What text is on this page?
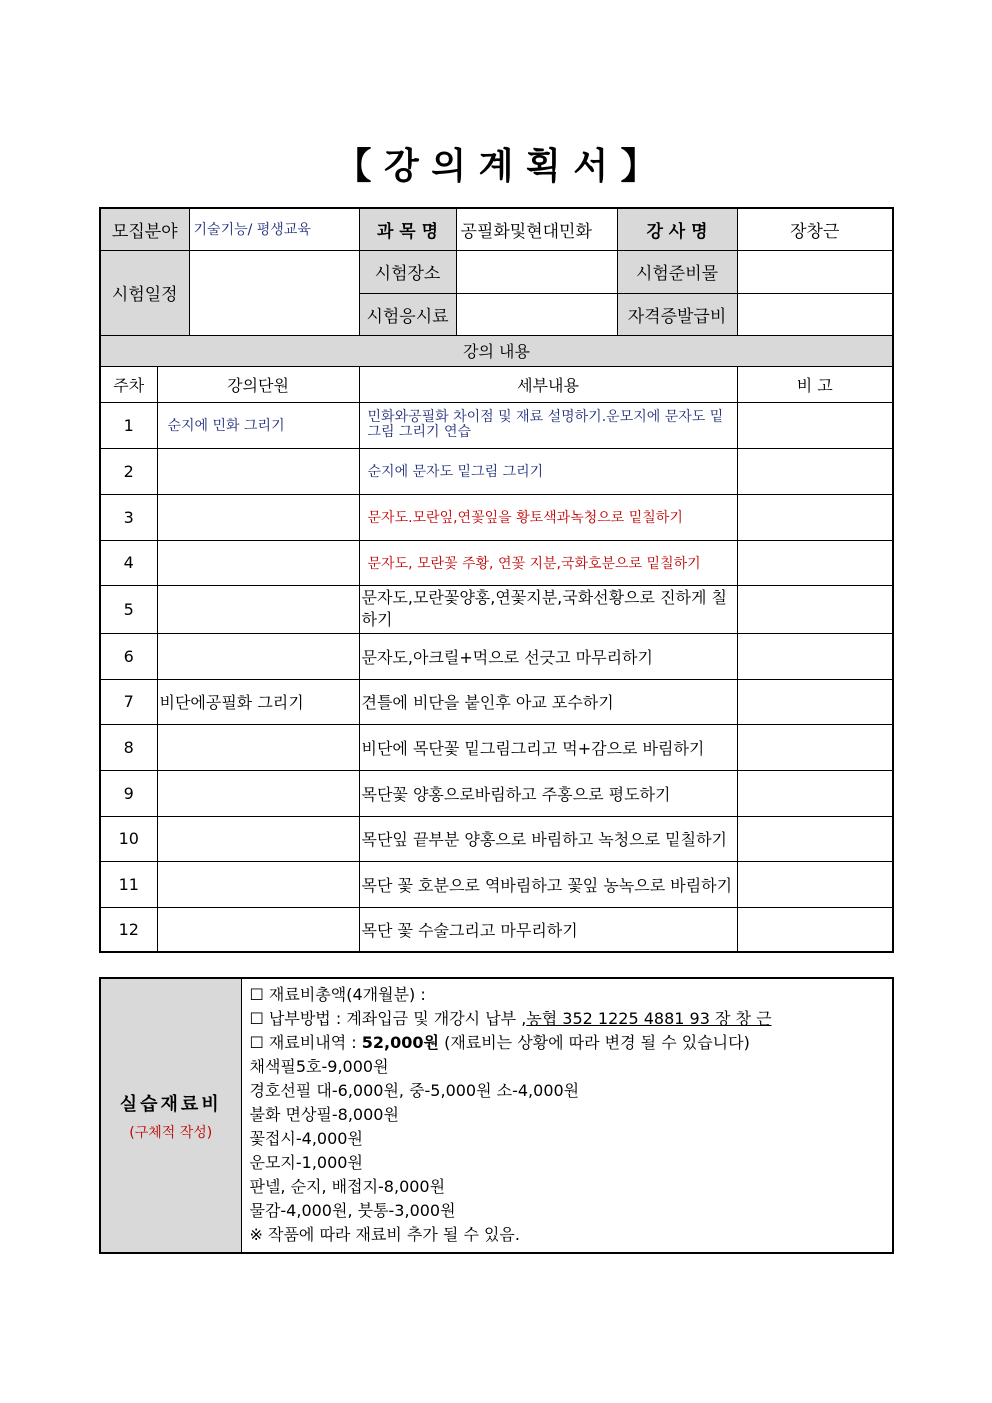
【 강 의 계 획 서 】
모집분야		기술기능/ 평생교육	과 목 명	공필화및현대민화	강 사 명	장창근
시험일정			시험장소		시험준비물	
			시험응시료		자격증발급비	
강의 내용						
주차	강의단원		세부내용			비 고
1	순지에 민화 그리기		민화와공필화 차이점 및 재료 설명하기.운모지에 문자도 밑그림 그리기 연습			
2			순지에 문자도 밑그림 그리기			
3			문자도.모란잎,연꽃잎을 황토색과녹청으로 밑칠하기			
4			문자도, 모란꽃 주황, 연꽃 지분,국화호분으로 밑칠하기			
5			문자도,모란꽃양홍,연꽃지분,국화선황으로 진하게 칠하기			
6			문자도,아크릴+먹으로 선긋고 마무리하기			
7	비단에공필화 그리기		견틀에 비단을 붙인후 아교 포수하기			
8			비단에 목단꽃 밑그림그리고 먹+감으로 바림하기			
9			목단꽃 양홍으로바림하고 주홍으로 평도하기			
10			목단잎 끝부분 양홍으로 바림하고 녹청으로 밑칠하기			
11			목단 꽃 호분으로 역바림하고 꽃잎 농녹으로 바림하기			
12			목단 꽃 수술그리고 마무리하기			
실습재료비
(구체적 작성)

☐ 재료비총액(4개월분) :
☐ 납부방법 : 계좌입금 및 개강시 납부 ,농협 352 1225 4881 93 장 창 근
☐ 재료비내역 : 52,000원 (재료비는 상황에 따라 변경 될 수 있습니다)
채색필5호-9,000원
경호선필 대-6,000원, 중-5,000원 소-4,000원
불화 면상필-8,000원
꽃접시-4,000원
운모지-1,000원
판넬, 순지, 배접지-8,000원
물감-4,000원, 붓통-3,000원
※ 작품에 따라 재료비 추가 될 수 있음.
